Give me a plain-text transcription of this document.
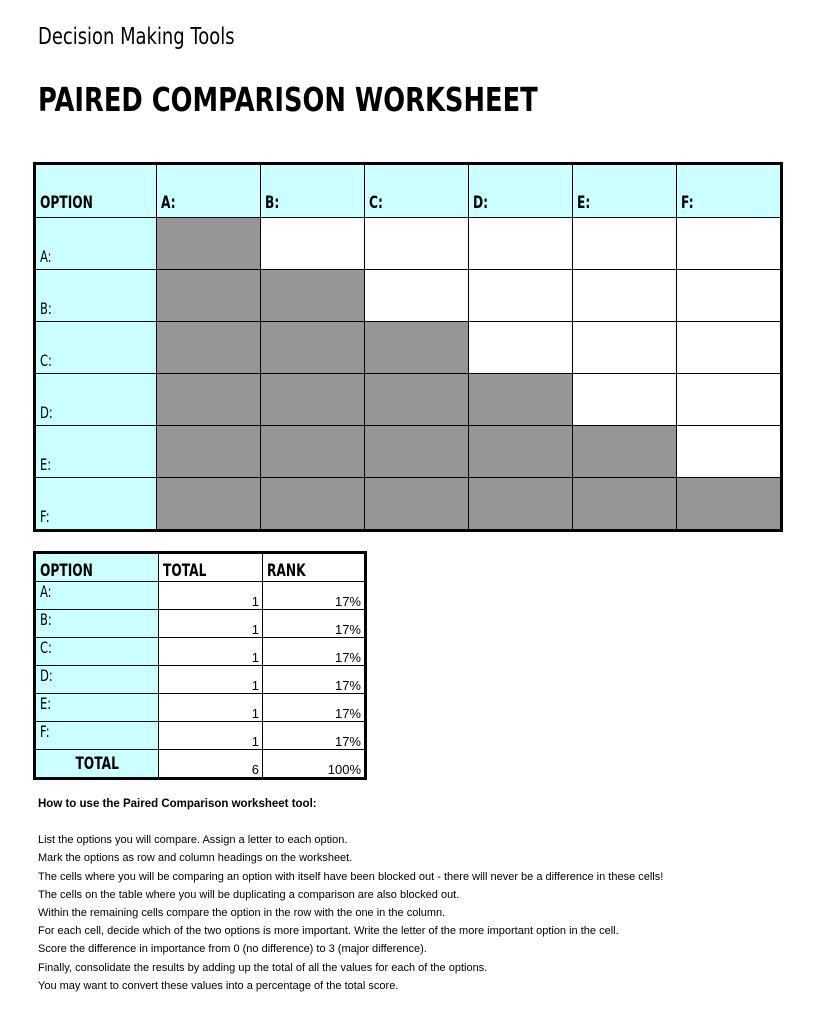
Decision Making Tools
PAIRED COMPARISON WORKSHEET
OPTION	A:	B:	C:	D:	E:	F:
A:						
B:						
C:						
D:						
E:						
F:						
OPTION	TOTAL	RANK
A:	1	17%
B:	1	17%
C:	1	17%
D:	1	17%
E:	1	17%
F:	1	17%
TOTAL	6	100%
How to use the Paired Comparison worksheet tool:
List the options you will compare. Assign a letter to each option.
Mark the options as row and column headings on the worksheet.
The cells where you will be comparing an option with itself have been blocked out - there will never be a difference in these cells!
The cells on the table where you will be duplicating a comparison are also blocked out.
Within the remaining cells compare the option in the row with the one in the column.
For each cell, decide which of the two options is more important. Write the letter of the more important option in the cell.
Score the difference in importance from 0 (no difference) to 3 (major difference).
Finally, consolidate the results by adding up the total of all the values for each of the options.
You may want to convert these values into a percentage of the total score.
